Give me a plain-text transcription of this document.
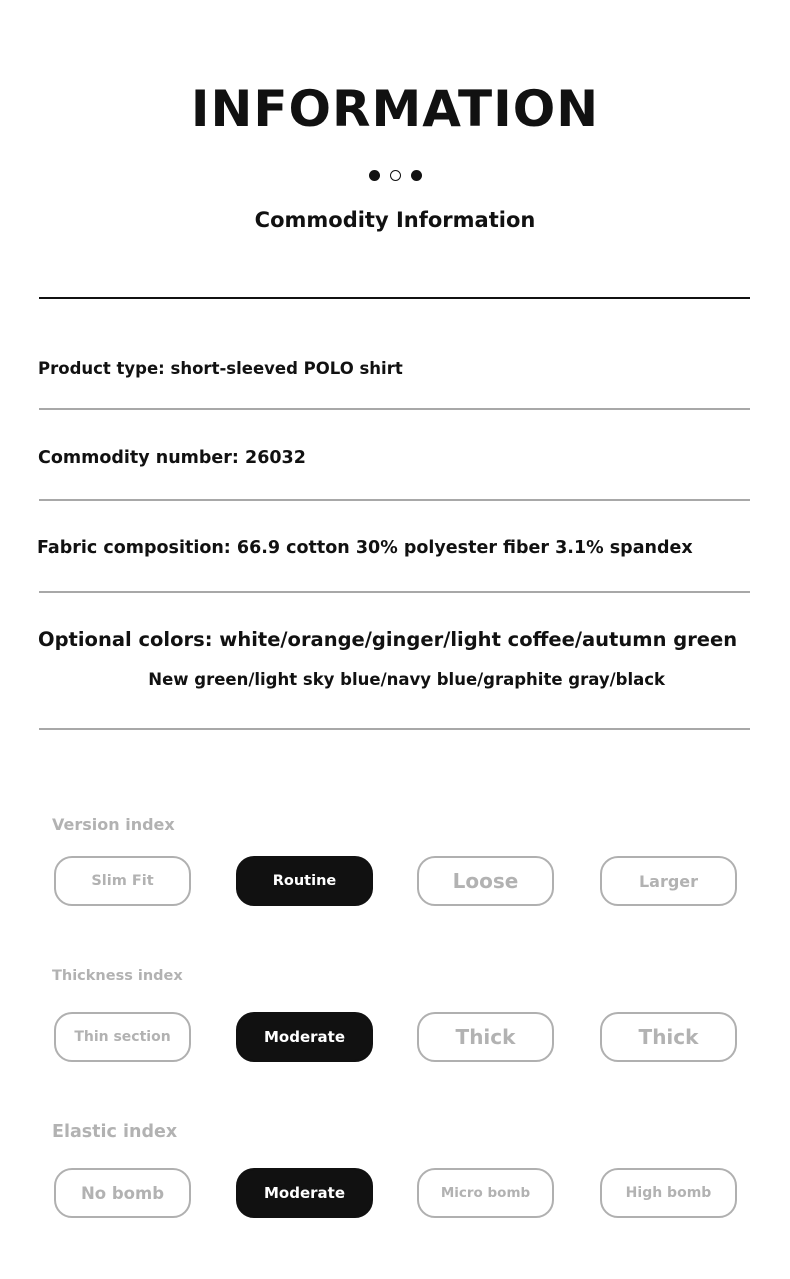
INFORMATION
Commodity Information
Product type: short-sleeved POLO shirt
Commodity number: 26032
Fabric composition: 66.9 cotton 30% polyester fiber 3.1% spandex
Optional colors: white/orange/ginger/light coffee/autumn green
New green/light sky blue/navy blue/graphite gray/black
Version index
Slim Fit	Routine	Loose	Larger
Thickness index
Thin section	Moderate	Thick	Thick
Elastic index
No bomb	Moderate	Micro bomb	High bomb
